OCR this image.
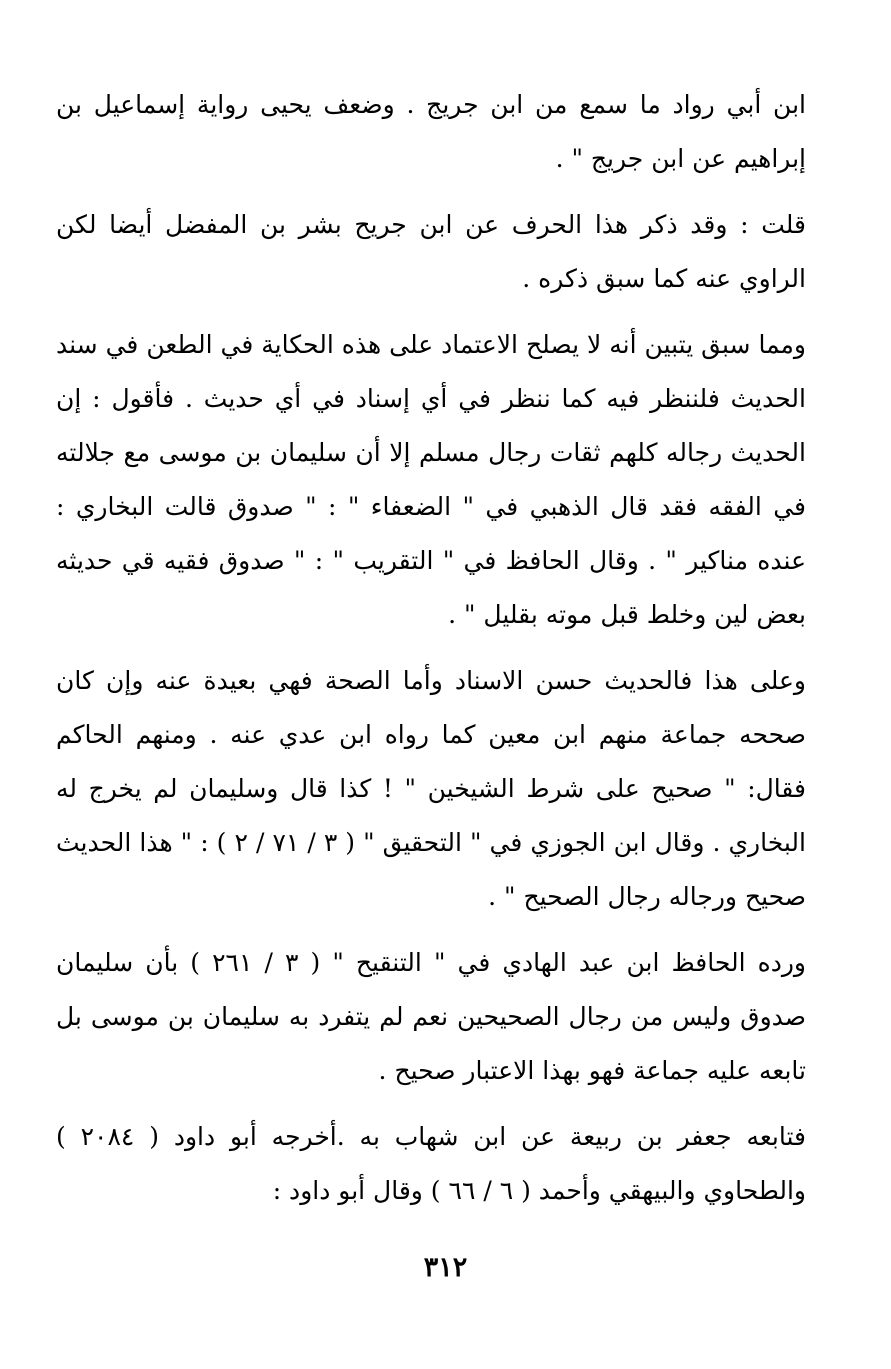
ابن أبي رواد ما سمع من ابن جريج . وضعف يحيى رواية إسماعيل بن إبراهيم عن ابن جريج " .

قلت : وقد ذكر هذا الحرف عن ابن جريح بشر بن المفضل أيضا لكن الراوي عنه كما سبق ذكره .

ومما سبق يتبين أنه لا يصلح الاعتماد على هذه الحكاية في الطعن في سند الحديث فلننظر فيه كما ننظر في أي إسناد في أي حديث . فأقول : إن الحديث رجاله كلهم ثقات رجال مسلم إلا أن سليمان بن موسى مع جلالته في الفقه فقد قال الذهبي في " الضعفاء " : " صدوق قالت البخاري : عنده مناكير " . وقال الحافظ في " التقريب " : " صدوق فقيه قي حديثه بعض لين وخلط قبل موته بقليل " .

وعلى هذا فالحديث حسن الاسناد وأما الصحة فهي بعيدة عنه وإن كان صححه جماعة منهم ابن معين كما رواه ابن عدي عنه . ومنهم الحاكم فقال: " صحيح على شرط الشيخين " ! كذا قال وسليمان لم يخرج له البخاري . وقال ابن الجوزي في " التحقيق " ( ٣ / ٧١ / ٢ ) : " هذا الحديث صحيح ورجاله رجال الصحيح " .

ورده الحافظ ابن عبد الهادي في " التنقيح " ( ٣ / ٢٦١ ) بأن سليمان صدوق وليس من رجال الصحيحين نعم لم يتفرد به سليمان بن موسى بل تابعه عليه جماعة فهو بهذا الاعتبار صحيح .

فتابعه جعفر بن ربيعة عن ابن شهاب به .أخرجه أبو داود ( ٢٠٨٤ ) والطحاوي والبيهقي وأحمد ( ٦ / ٦٦ ) وقال أبو داود :

٣١٢
